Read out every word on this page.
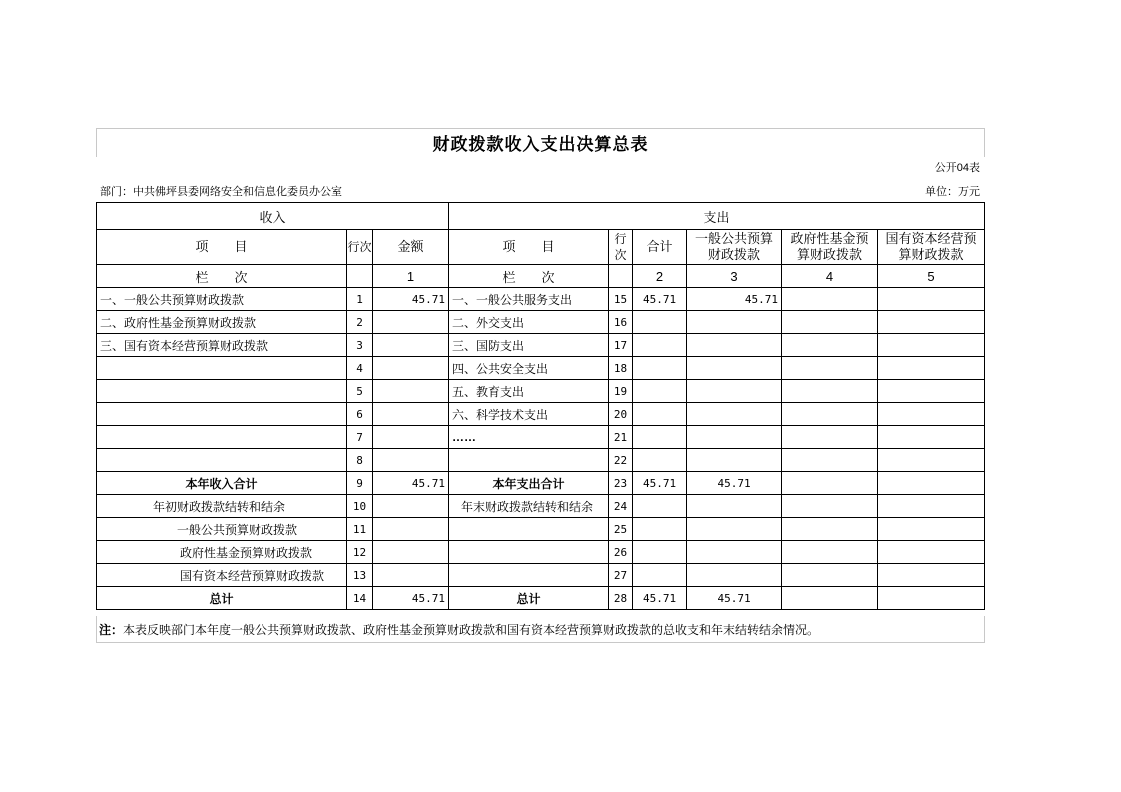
财政拨款收入支出决算总表
公开04表
部门：中共佛坪县委网络安全和信息化委员办公室	单位：万元
收入			支出					
项　　目	行次	金额	项　　目	行次	合计	一般公共预算财政拨款	政府性基金预算财政拨款	国有资本经营预算财政拨款
栏　　次		1	栏　　次		2	3	4	5
一、一般公共预算财政拨款	1	45.71	一、一般公共服务支出	15	45.71	45.71		
二、政府性基金预算财政拨款	2		二、外交支出	16				
三、国有资本经营预算财政拨款	3		三、国防支出	17				
	4		四、公共安全支出	18				
	5		五、教育支出	19				
	6		六、科学技术支出	20				
	7		……	21				
	8			22				
本年收入合计	9	45.71	本年支出合计	23	45.71	45.71		
年初财政拨款结转和结余	10		年末财政拨款结转和结余	24				
一般公共预算财政拨款	11			25				
政府性基金预算财政拨款	12			26				
国有资本经营预算财政拨款	13			27				
总计	14	45.71	总计	28	45.71	45.71		
注：本表反映部门本年度一般公共预算财政拨款、政府性基金预算财政拨款和国有资本经营预算财政拨款的总收支和年末结转结余情况。
